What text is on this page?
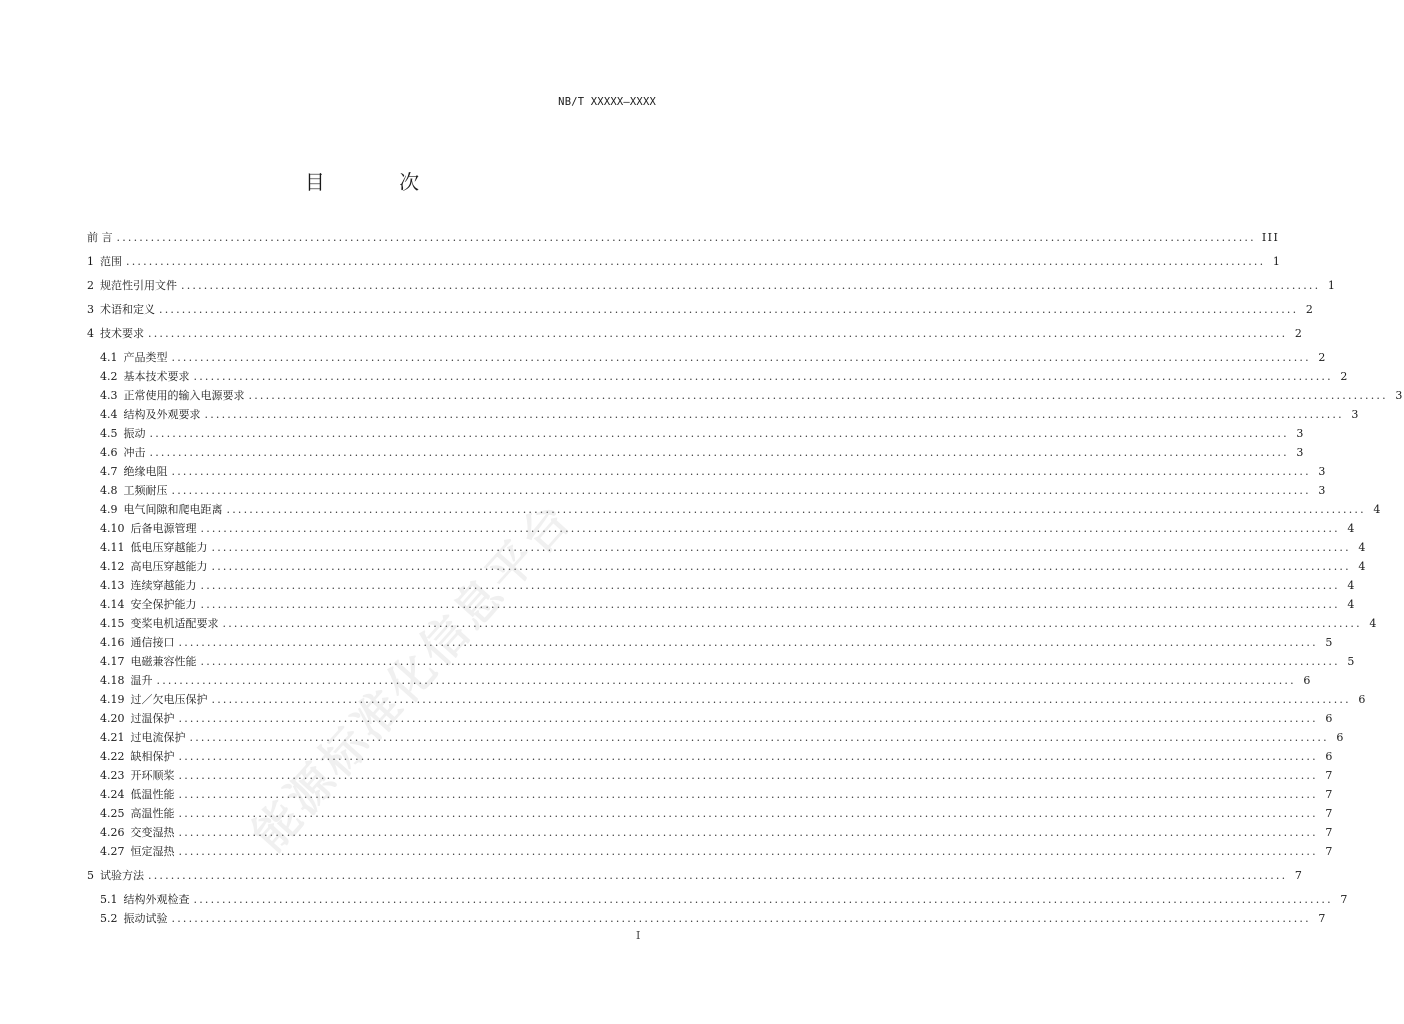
NB/T XXXXX—XXXX
目 次
前 言 ........................................................................................................................................................................................................ III
1 范围 ........................................................................................................................................................................................................ 1
2 规范性引用文件 ........................................................................................................................................................................................................ 1
3 术语和定义 ........................................................................................................................................................................................................ 2
4 技术要求 ........................................................................................................................................................................................................ 2
4.1 产品类型 ........................................................................................................................................................................................................ 2
4.2 基本技术要求 ........................................................................................................................................................................................................ 2
4.3 正常使用的输入电源要求 ........................................................................................................................................................................................................ 3
4.4 结构及外观要求 ........................................................................................................................................................................................................ 3
4.5 振动 ........................................................................................................................................................................................................ 3
4.6 冲击 ........................................................................................................................................................................................................ 3
4.7 绝缘电阻 ........................................................................................................................................................................................................ 3
4.8 工频耐压 ........................................................................................................................................................................................................ 3
4.9 电气间隙和爬电距离 ........................................................................................................................................................................................................ 4
4.10 后备电源管理 ........................................................................................................................................................................................................ 4
4.11 低电压穿越能力 ........................................................................................................................................................................................................ 4
4.12 高电压穿越能力 ........................................................................................................................................................................................................ 4
4.13 连续穿越能力 ........................................................................................................................................................................................................ 4
4.14 安全保护能力 ........................................................................................................................................................................................................ 4
4.15 变桨电机适配要求 ........................................................................................................................................................................................................ 4
4.16 通信接口 ........................................................................................................................................................................................................ 5
4.17 电磁兼容性能 ........................................................................................................................................................................................................ 5
4.18 温升 ........................................................................................................................................................................................................ 6
4.19 过／欠电压保护 ........................................................................................................................................................................................................ 6
4.20 过温保护 ........................................................................................................................................................................................................ 6
4.21 过电流保护 ........................................................................................................................................................................................................ 6
4.22 缺相保护 ........................................................................................................................................................................................................ 6
4.23 开环顺桨 ........................................................................................................................................................................................................ 7
4.24 低温性能 ........................................................................................................................................................................................................ 7
4.25 高温性能 ........................................................................................................................................................................................................ 7
4.26 交变湿热 ........................................................................................................................................................................................................ 7
4.27 恒定湿热 ........................................................................................................................................................................................................ 7
5 试验方法 ........................................................................................................................................................................................................ 7
5.1 结构外观检查 ........................................................................................................................................................................................................ 7
5.2 振动试验 ........................................................................................................................................................................................................ 7
I
能源标准化信息平台
